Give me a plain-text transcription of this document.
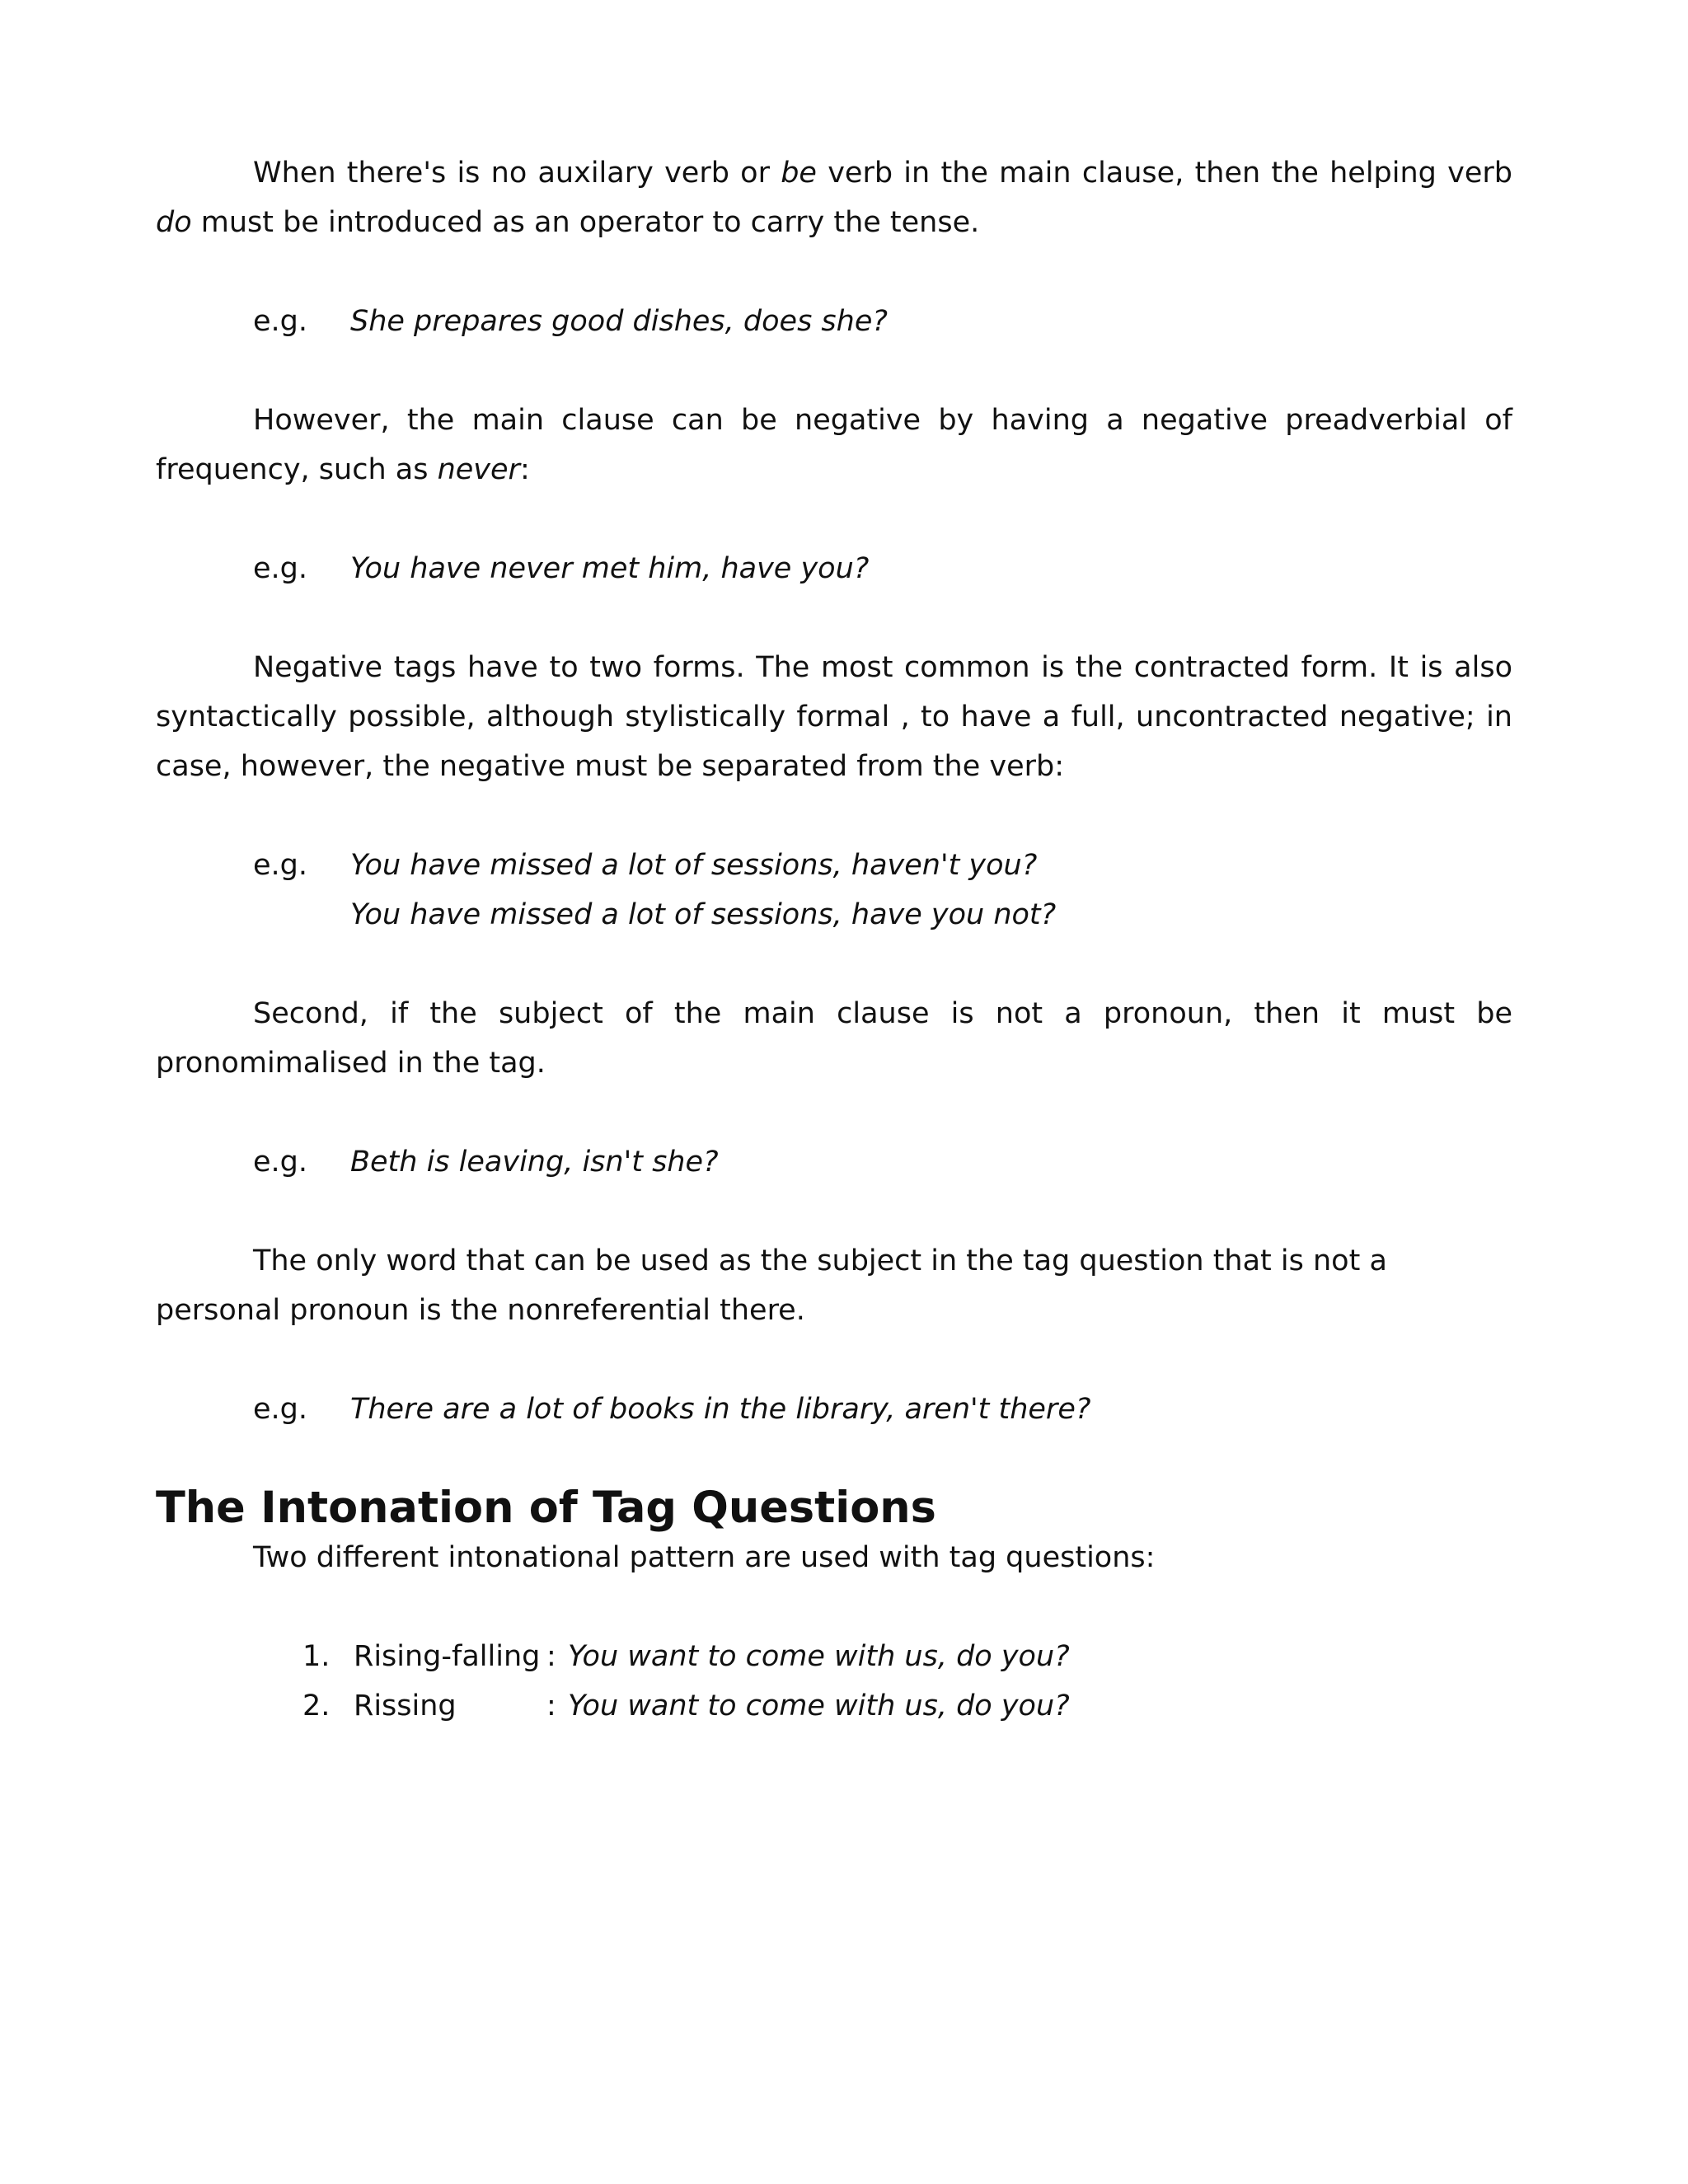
When there's is no auxilary verb or be verb in the main clause, then the helping verb do must be introduced as an operator to carry the tense.

e.g. She prepares good dishes, does she?

However, the main clause can be negative by having a negative preadverbial of frequency, such as never:

e.g. You have never met him, have you?

Negative tags have to two forms. The most common is the contracted form. It is also syntactically possible, although stylistically formal , to have a full, uncontracted negative; in case, however, the negative must be separated from the verb:

e.g. You have missed a lot of sessions, haven't you?
You have missed a lot of sessions, have you not?

Second, if the subject of the main clause is not a pronoun, then it must be pronomimalised in the tag.

e.g. Beth is leaving, isn't she?

The only word that can be used as the subject in the tag question that is not a personal pronoun is the nonreferential there.

e.g. There are a lot of books in the library, aren't there?
The Intonation of Tag Questions

Two different intonational pattern are used with tag questions:

1. Rising-falling : You want to come with us, do you?
2. Rissing	: You want to come with us, do you?
